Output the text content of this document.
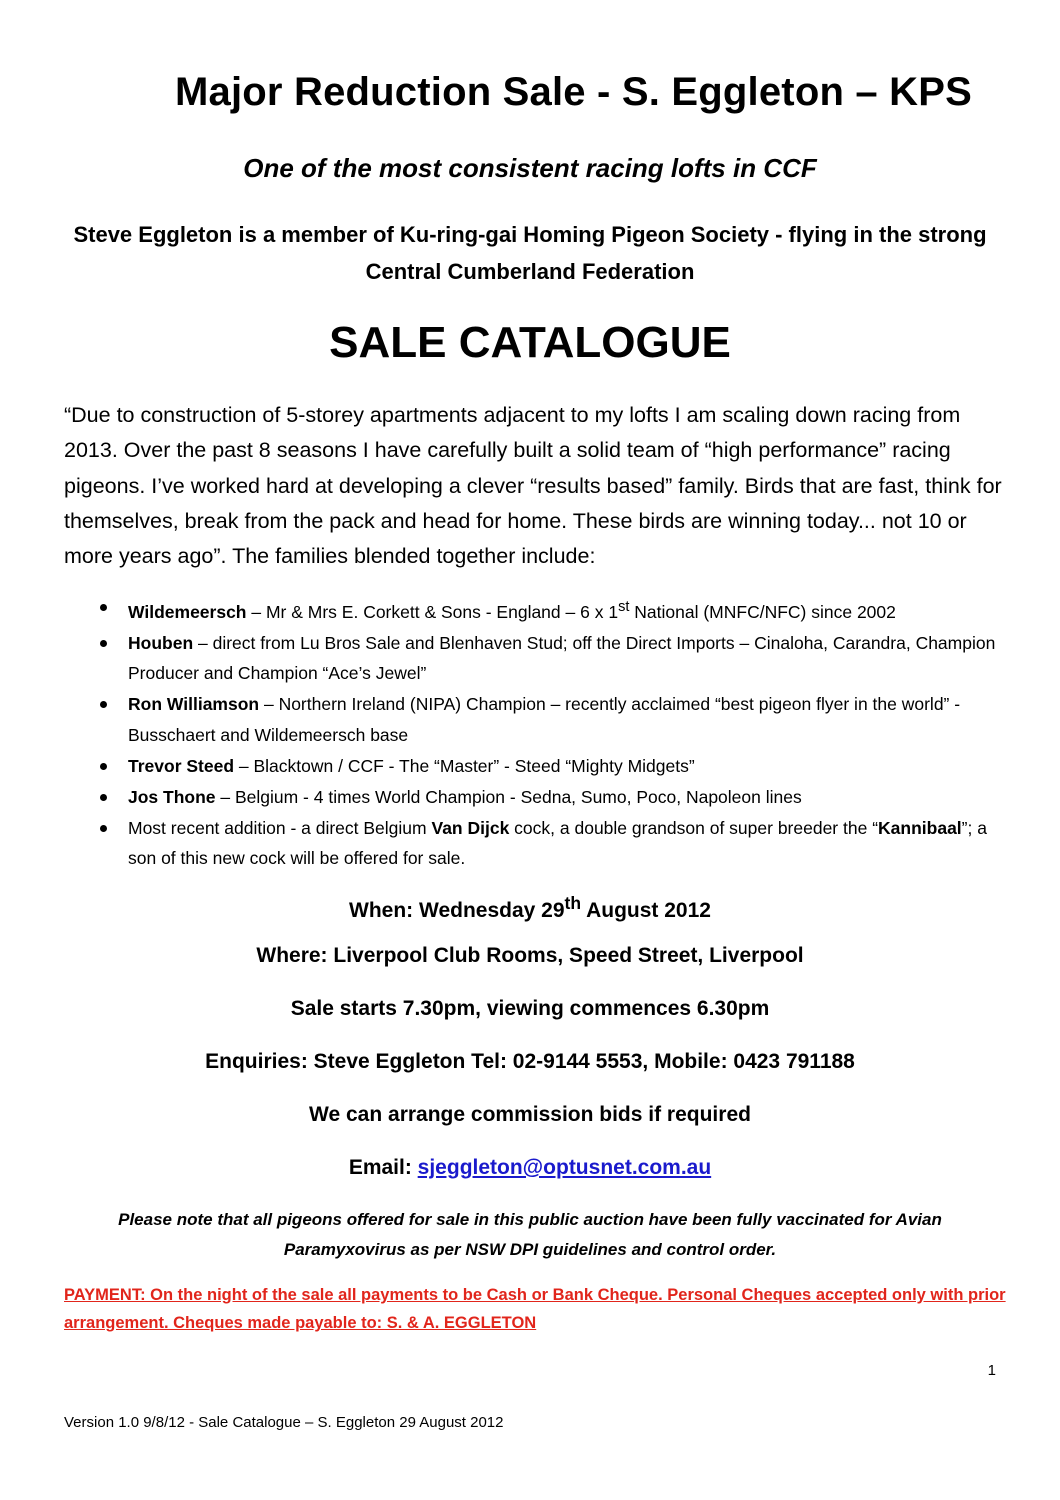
Major Reduction Sale - S. Eggleton – KPS
One of the most consistent racing lofts in CCF
Steve Eggleton is a member of Ku-ring-gai Homing Pigeon Society - flying in the strong Central Cumberland Federation
SALE CATALOGUE
“Due to construction of 5-storey apartments adjacent to my lofts I am scaling down racing from 2013. Over the past 8 seasons I have carefully built a solid team of “high performance” racing pigeons. I’ve worked hard at developing a clever “results based” family. Birds that are fast, think for themselves, break from the pack and head for home. These birds are winning today... not 10 or more years ago”. The families blended together include:
Wildemeersch – Mr & Mrs E. Corkett & Sons - England – 6 x 1st National (MNFC/NFC) since 2002
Houben – direct from Lu Bros Sale and Blenhaven Stud; off the Direct Imports – Cinaloha, Carandra, Champion Producer and Champion “Ace’s Jewel”
Ron Williamson – Northern Ireland (NIPA) Champion – recently acclaimed “best pigeon flyer in the world” - Busschaert and Wildemeersch base
Trevor Steed – Blacktown / CCF - The “Master” - Steed “Mighty Midgets”
Jos Thone – Belgium - 4 times World Champion - Sedna, Sumo, Poco, Napoleon lines
Most recent addition - a direct Belgium Van Dijck cock, a double grandson of super breeder the “Kannibaal”; a son of this new cock will be offered for sale.
When: Wednesday 29th August 2012
Where: Liverpool Club Rooms, Speed Street, Liverpool
Sale starts 7.30pm, viewing commences 6.30pm
Enquiries: Steve Eggleton Tel: 02-9144 5553, Mobile: 0423 791188
We can arrange commission bids if required
Email: sjeggleton@optusnet.com.au
Please note that all pigeons offered for sale in this public auction have been fully vaccinated for Avian Paramyxovirus as per NSW DPI guidelines and control order.
PAYMENT: On the night of the sale all payments to be Cash or Bank Cheque. Personal Cheques accepted only with prior arrangement. Cheques made payable to: S. & A. EGGLETON
1
Version 1.0 9/8/12 - Sale Catalogue – S. Eggleton 29 August 2012
